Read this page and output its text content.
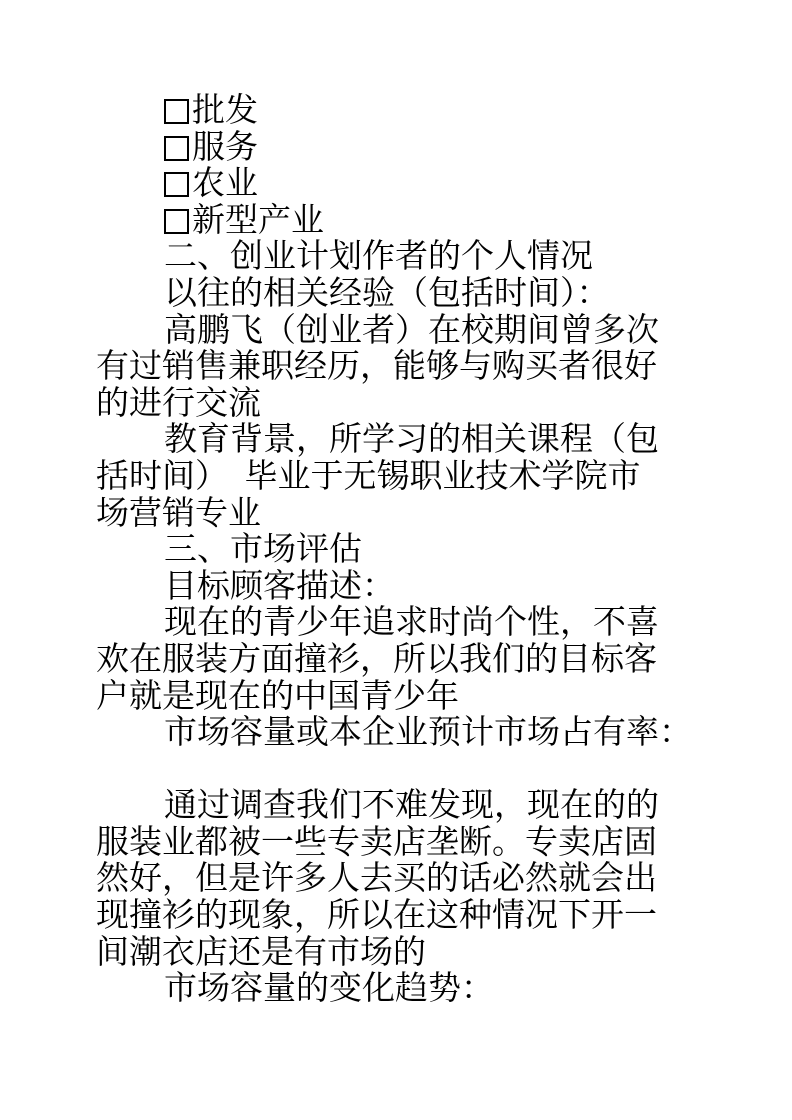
批发
服务
农业
新型产业
二、创业计划作者的个人情况
以往的相关经验（包括时间）：
高鹏飞（创业者）在校期间曾多次
有过销售兼职经历，能够与购买者很好
的进行交流
教育背景，所学习的相关课程（包
括时间）　毕业于无锡职业技术学院市
场营销专业
三、市场评估
目标顾客描述：
现在的青少年追求时尚个性，不喜
欢在服装方面撞衫，所以我们的目标客
户就是现在的中国青少年
市场容量或本企业预计市场占有率：
通过调查我们不难发现，现在的的
服装业都被一些专卖店垄断。专卖店固
然好，但是许多人去买的话必然就会出
现撞衫的现象，所以在这种情况下开一
间潮衣店还是有市场的
市场容量的变化趋势：
